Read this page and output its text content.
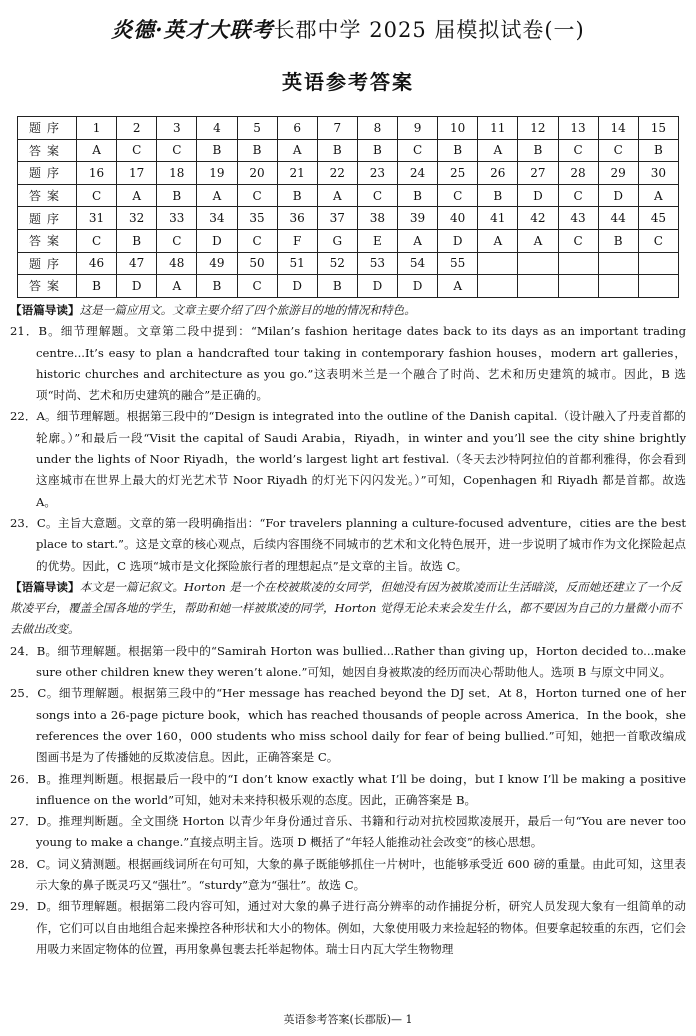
炎德·英才大联考长郡中学 2025 届模拟试卷(一)
英语参考答案
题序	1	2	3	4	5	6	7	8	9	10	11	12	13	14	15
答案	A	C	C	B	B	A	B	B	C	B	A	B	C	C	B
题序	16	17	18	19	20	21	22	23	24	25	26	27	28	29	30
答案	C	A	B	A	C	B	A	C	B	C	B	D	C	D	A
题序	31	32	33	34	35	36	37	38	39	40	41	42	43	44	45
答案	C	B	C	D	C	F	G	E	A	D	A	A	C	B	C
题序	46	47	48	49	50	51	52	53	54	55					
答案	B	D	A	B	C	D	B	D	D	A					

【语篇导读】这是一篇应用文。文章主要介绍了四个旅游目的地的情况和特色。

21．B。细节理解题。文章第二段中提到：“Milan’s fashion heritage dates back to its days as an important trading centre...It’s easy to plan a handcrafted tour taking in contemporary fashion houses，modern art galleries，historic churches and architecture as you go.”这表明米兰是一个融合了时尚、艺术和历史建筑的城市。因此，B 选项“时尚、艺术和历史建筑的融合”是正确的。

22．A。细节理解题。根据第三段中的“Design is integrated into the outline of the Danish capital.（设计融入了丹麦首都的轮廓。）”和最后一段“Visit the capital of Saudi Arabia，Riyadh，in winter and you’ll see the city shine brightly under the lights of Noor Riyadh，the world’s largest light art festival.（冬天去沙特阿拉伯的首都利雅得，你会看到这座城市在世界上最大的灯光艺术节 Noor Riyadh 的灯光下闪闪发光。）”可知，Copenhagen 和 Riyadh 都是首都。故选 A。

23．C。主旨大意题。文章的第一段明确指出：“For travelers planning a culture-focused adventure，cities are the best place to start.”。这是文章的核心观点，后续内容围绕不同城市的艺术和文化特色展开，进一步说明了城市作为文化探险起点的优势。因此，C 选项“城市是文化探险旅行者的理想起点”是文章的主旨。故选 C。

【语篇导读】本文是一篇记叙文。Horton 是一个在校被欺凌的女同学，但她没有因为被欺凌而让生活暗淡，反而她还建立了一个反欺凌平台，覆盖全国各地的学生，帮助和她一样被欺凌的同学，Horton 觉得无论未来会发生什么，都不要因为自己的力量微小而不去做出改变。

24．B。细节理解题。根据第一段中的“Samirah Horton was bullied...Rather than giving up，Horton decided to...make sure other children knew they weren’t alone.”可知，她因自身被欺凌的经历而决心帮助他人。选项 B 与原文中同义。

25．C。细节理解题。根据第三段中的“Her message has reached beyond the DJ set．At 8，Horton turned one of her songs into a 26-page picture book，which has reached thousands of people across America．In the book，she references the over 160，000 students who miss school daily for fear of being bullied.”可知，她把一首歌改编成图画书是为了传播她的反欺凌信息。因此，正确答案是 C。

26．B。推理判断题。根据最后一段中的“I don’t know exactly what I’ll be doing，but I know I’ll be making a positive influence on the world”可知，她对未来持积极乐观的态度。因此，正确答案是 B。

27．D。推理判断题。全文围绕 Horton 以青少年身份通过音乐、书籍和行动对抗校园欺凌展开，最后一句“You are never too young to make a change.”直接点明主旨。选项 D 概括了“年轻人能推动社会改变”的核心思想。

28．C。词义猜测题。根据画线词所在句可知，大象的鼻子既能够抓住一片树叶，也能够承受近 600 磅的重量。由此可知，这里表示大象的鼻子既灵巧又“强壮”。“sturdy”意为“强壮”。故选 C。

29．D。细节理解题。根据第二段内容可知，通过对大象的鼻子进行高分辨率的动作捕捉分析，研究人员发现大象有一组简单的动作，它们可以自由地组合起来操控各种形状和大小的物体。例如，大象使用吸力来捡起轻的物体。但要拿起较重的东西，它们会用吸力来固定物体的位置，再用象鼻包裹去托举起物体。瑞士日内瓦大学生物物理

英语参考答案(长郡版)— 1
